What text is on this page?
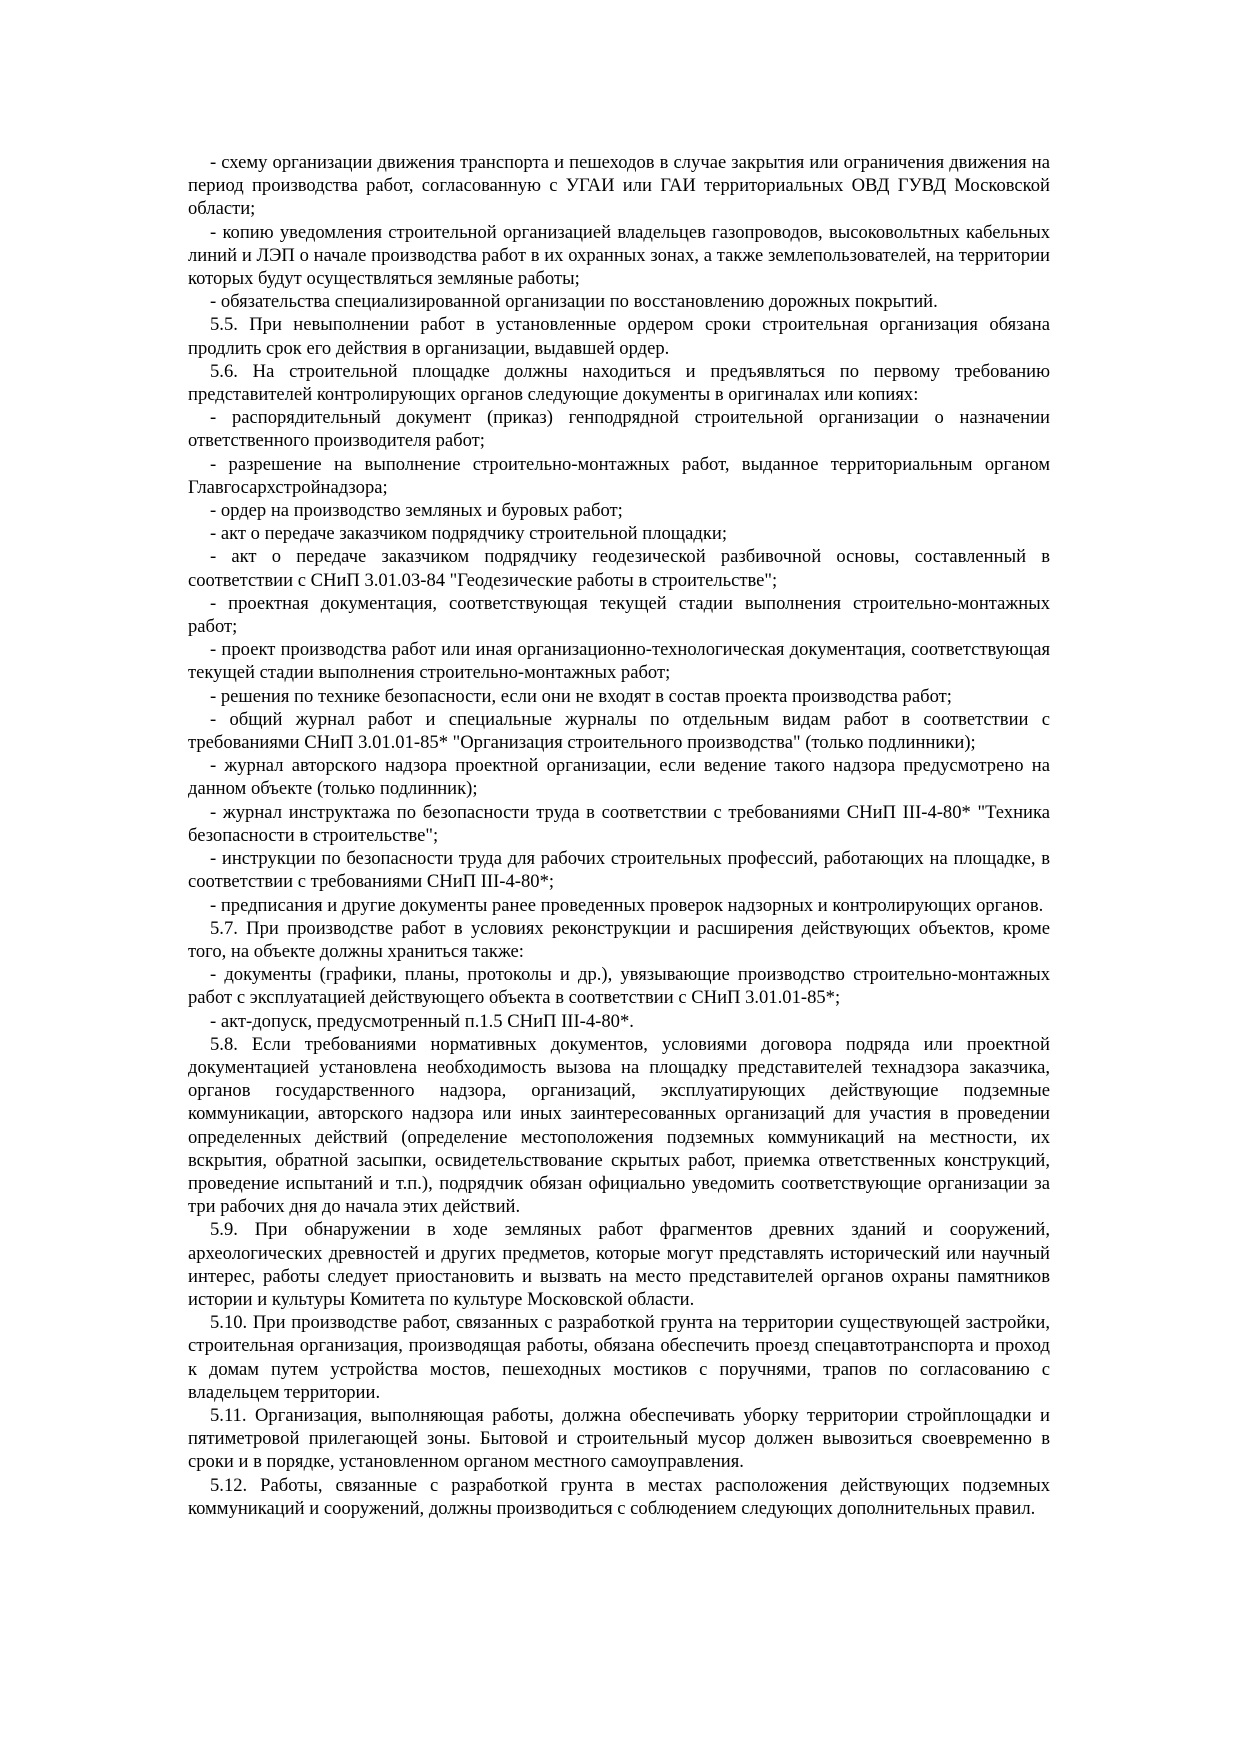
- схему организации движения транспорта и пешеходов в случае закрытия или ограничения движения на период производства работ, согласованную с УГАИ или ГАИ территориальных ОВД ГУВД Московской области;

- копию уведомления строительной организацией владельцев газопроводов, высоковольтных кабельных линий и ЛЭП о начале производства работ в их охранных зонах, а также землепользователей, на территории которых будут осуществляться земляные работы;

- обязательства специализированной организации по восстановлению дорожных покрытий.

5.5. При невыполнении работ в установленные ордером сроки строительная организация обязана продлить срок его действия в организации, выдавшей ордер.

5.6. На строительной площадке должны находиться и предъявляться по первому требованию представителей контролирующих органов следующие документы в оригиналах или копиях:

- распорядительный документ (приказ) генподрядной строительной организации о назначении ответственного производителя работ;

- разрешение на выполнение строительно-монтажных работ, выданное территориальным органом Главгосархстройнадзора;

- ордер на производство земляных и буровых работ;

- акт о передаче заказчиком подрядчику строительной площадки;

- акт о передаче заказчиком подрядчику геодезической разбивочной основы, составленный в соответствии с СНиП 3.01.03-84 "Геодезические работы в строительстве";

- проектная документация, соответствующая текущей стадии выполнения строительно-монтажных работ;

- проект производства работ или иная организационно-технологическая документация, соответствующая текущей стадии выполнения строительно-монтажных работ;

- решения по технике безопасности, если они не входят в состав проекта производства работ;

- общий журнал работ и специальные журналы по отдельным видам работ в соответствии с требованиями СНиП 3.01.01-85* "Организация строительного производства" (только подлинники);

- журнал авторского надзора проектной организации, если ведение такого надзора предусмотрено на данном объекте (только подлинник);

- журнал инструктажа по безопасности труда в соответствии с требованиями СНиП III-4-80* "Техника безопасности в строительстве";

- инструкции по безопасности труда для рабочих строительных профессий, работающих на площадке, в соответствии с требованиями СНиП III-4-80*;

- предписания и другие документы ранее проведенных проверок надзорных и контролирующих органов.

5.7. При производстве работ в условиях реконструкции и расширения действующих объектов, кроме того, на объекте должны храниться также:

- документы (графики, планы, протоколы и др.), увязывающие производство строительно-монтажных работ с эксплуатацией действующего объекта в соответствии с СНиП 3.01.01-85*;

- акт-допуск, предусмотренный п.1.5 СНиП III-4-80*.

5.8. Если требованиями нормативных документов, условиями договора подряда или проектной документацией установлена необходимость вызова на площадку представителей технадзора заказчика, органов государственного надзора, организаций, эксплуатирующих действующие подземные коммуникации, авторского надзора или иных заинтересованных организаций для участия в проведении определенных действий (определение местоположения подземных коммуникаций на местности, их вскрытия, обратной засыпки, освидетельствование скрытых работ, приемка ответственных конструкций, проведение испытаний и т.п.), подрядчик обязан официально уведомить соответствующие организации за три рабочих дня до начала этих действий.

5.9. При обнаружении в ходе земляных работ фрагментов древних зданий и сооружений, археологических древностей и других предметов, которые могут представлять исторический или научный интерес, работы следует приостановить и вызвать на место представителей органов охраны памятников истории и культуры Комитета по культуре Московской области.

5.10. При производстве работ, связанных с разработкой грунта на территории существующей застройки, строительная организация, производящая работы, обязана обеспечить проезд спецавтотранспорта и проход к домам путем устройства мостов, пешеходных мостиков с поручнями, трапов по согласованию с владельцем территории.

5.11. Организация, выполняющая работы, должна обеспечивать уборку территории стройплощадки и пятиметровой прилегающей зоны. Бытовой и строительный мусор должен вывозиться своевременно в сроки и в порядке, установленном органом местного самоуправления.

5.12. Работы, связанные с разработкой грунта в местах расположения действующих подземных коммуникаций и сооружений, должны производиться с соблюдением следующих дополнительных правил.
